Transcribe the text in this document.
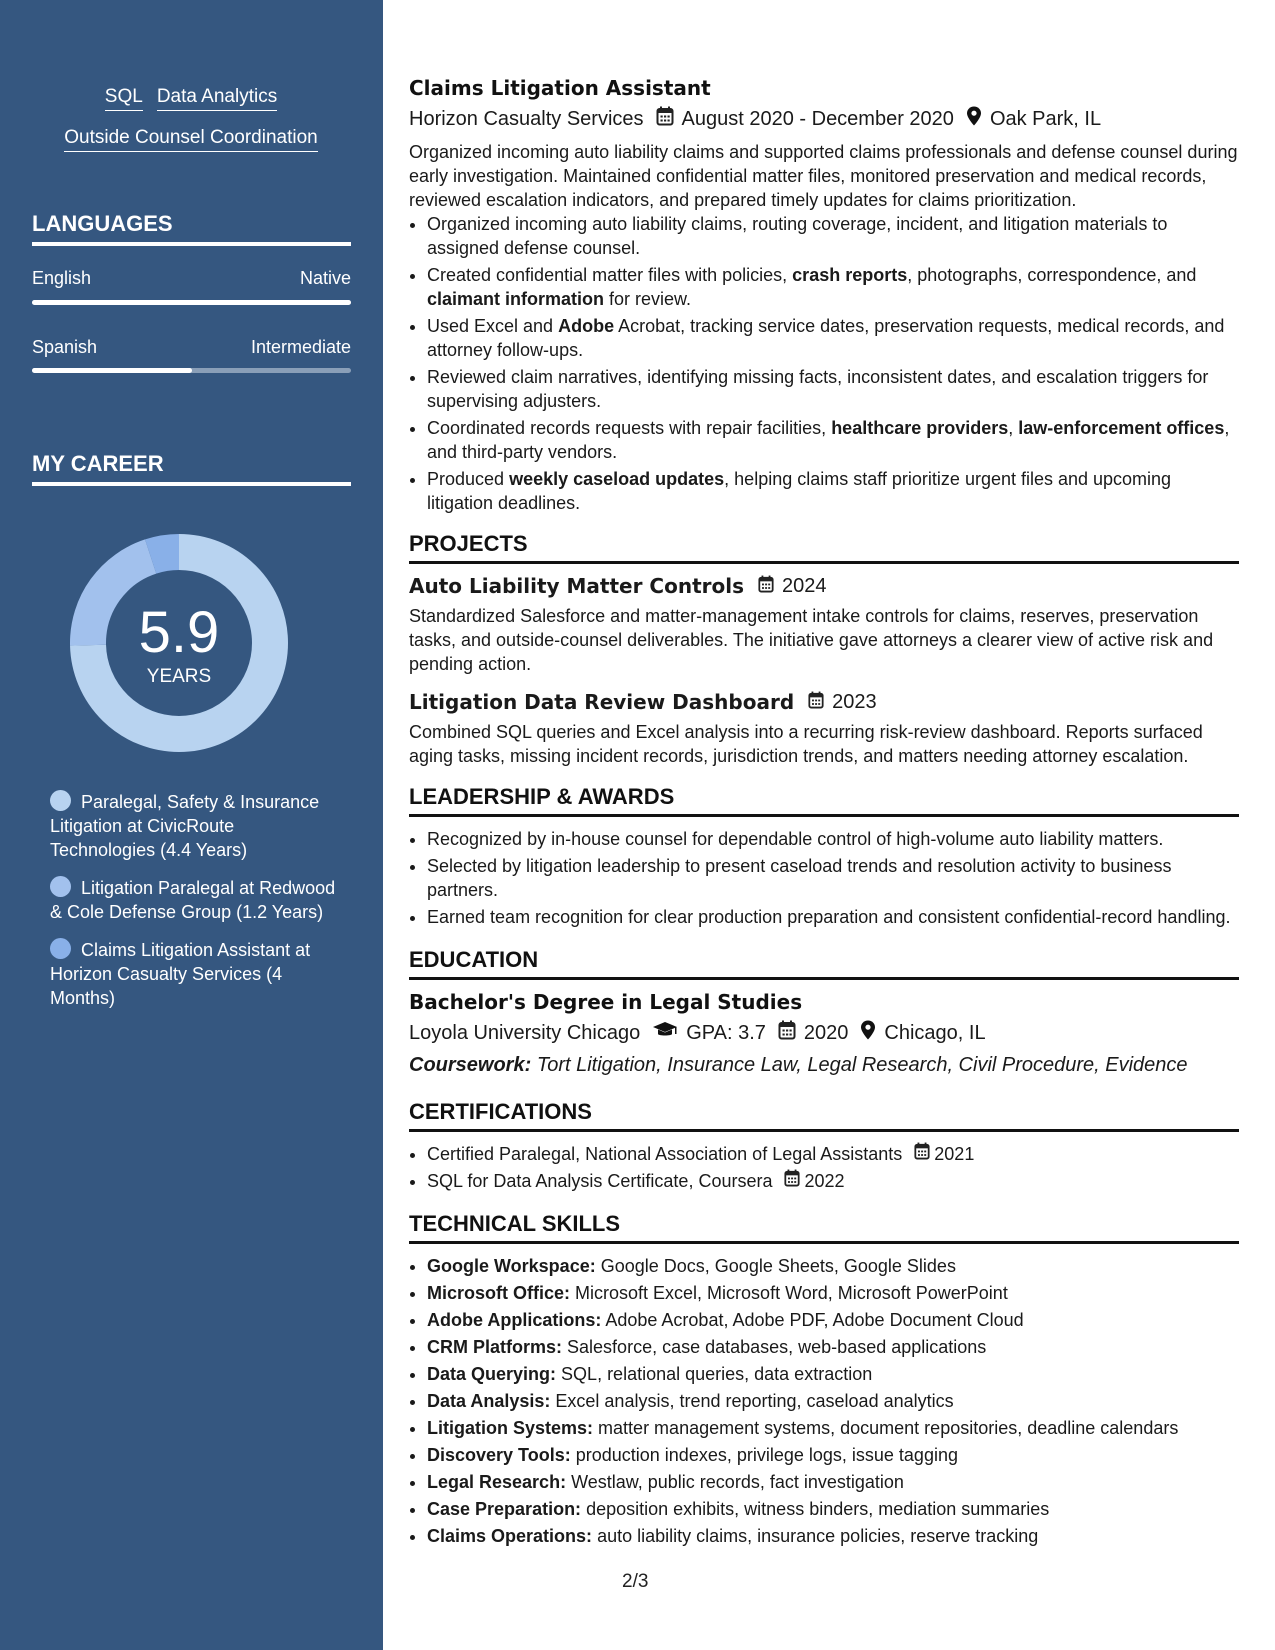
SQL Data Analytics
Outside Counsel Coordination
LANGUAGES
English	Native
Spanish	Intermediate
MY CAREER
5.9
YEARS
Paralegal, Safety & Insurance Litigation at CivicRoute Technologies (4.4 Years)
Litigation Paralegal at Redwood & Cole Defense Group (1.2 Years)
Claims Litigation Assistant at Horizon Casualty Services (4 Months)
Claims Litigation Assistant
Horizon Casualty Services August 2020 - December 2020 Oak Park, IL

Organized incoming auto liability claims and supported claims professionals and defense counsel during early investigation. Maintained confidential matter files, monitored preservation and medical records, reviewed escalation indicators, and prepared timely updates for claims prioritization.

• Organized incoming auto liability claims, routing coverage, incident, and litigation materials to assigned defense counsel.
• Created confidential matter files with policies, crash reports, photographs, correspondence, and claimant information for review.
• Used Excel and Adobe Acrobat, tracking service dates, preservation requests, medical records, and attorney follow-ups.
• Reviewed claim narratives, identifying missing facts, inconsistent dates, and escalation triggers for supervising adjusters.
• Coordinated records requests with repair facilities, healthcare providers, law-enforcement offices, and third-party vendors.
• Produced weekly caseload updates, helping claims staff prioritize urgent files and upcoming litigation deadlines.
PROJECTS
Auto Liability Matter Controls 2024

Standardized Salesforce and matter-management intake controls for claims, reserves, preservation tasks, and outside-counsel deliverables. The initiative gave attorneys a clearer view of active risk and pending action.

Litigation Data Review Dashboard 2023

Combined SQL queries and Excel analysis into a recurring risk-review dashboard. Reports surfaced aging tasks, missing incident records, jurisdiction trends, and matters needing attorney escalation.

LEADERSHIP & AWARDS
• Recognized by in-house counsel for dependable control of high-volume auto liability matters.
• Selected by litigation leadership to present caseload trends and resolution activity to business partners.
• Earned team recognition for clear production preparation and consistent confidential-record handling.
EDUCATION
Bachelor's Degree in Legal Studies
Loyola University Chicago GPA: 3.7 2020 Chicago, IL
Coursework: Tort Litigation, Insurance Law, Legal Research, Civil Procedure, Evidence
CERTIFICATIONS
• Certified Paralegal, National Association of Legal Assistants 2021
• SQL for Data Analysis Certificate, Coursera 2022
TECHNICAL SKILLS
• Google Workspace: Google Docs, Google Sheets, Google Slides
• Microsoft Office: Microsoft Excel, Microsoft Word, Microsoft PowerPoint
• Adobe Applications: Adobe Acrobat, Adobe PDF, Adobe Document Cloud
• CRM Platforms: Salesforce, case databases, web-based applications
• Data Querying: SQL, relational queries, data extraction
• Data Analysis: Excel analysis, trend reporting, caseload analytics
• Litigation Systems: matter management systems, document repositories, deadline calendars
• Discovery Tools: production indexes, privilege logs, issue tagging
• Legal Research: Westlaw, public records, fact investigation
• Case Preparation: deposition exhibits, witness binders, mediation summaries
• Claims Operations: auto liability claims, insurance policies, reserve tracking
2/3
